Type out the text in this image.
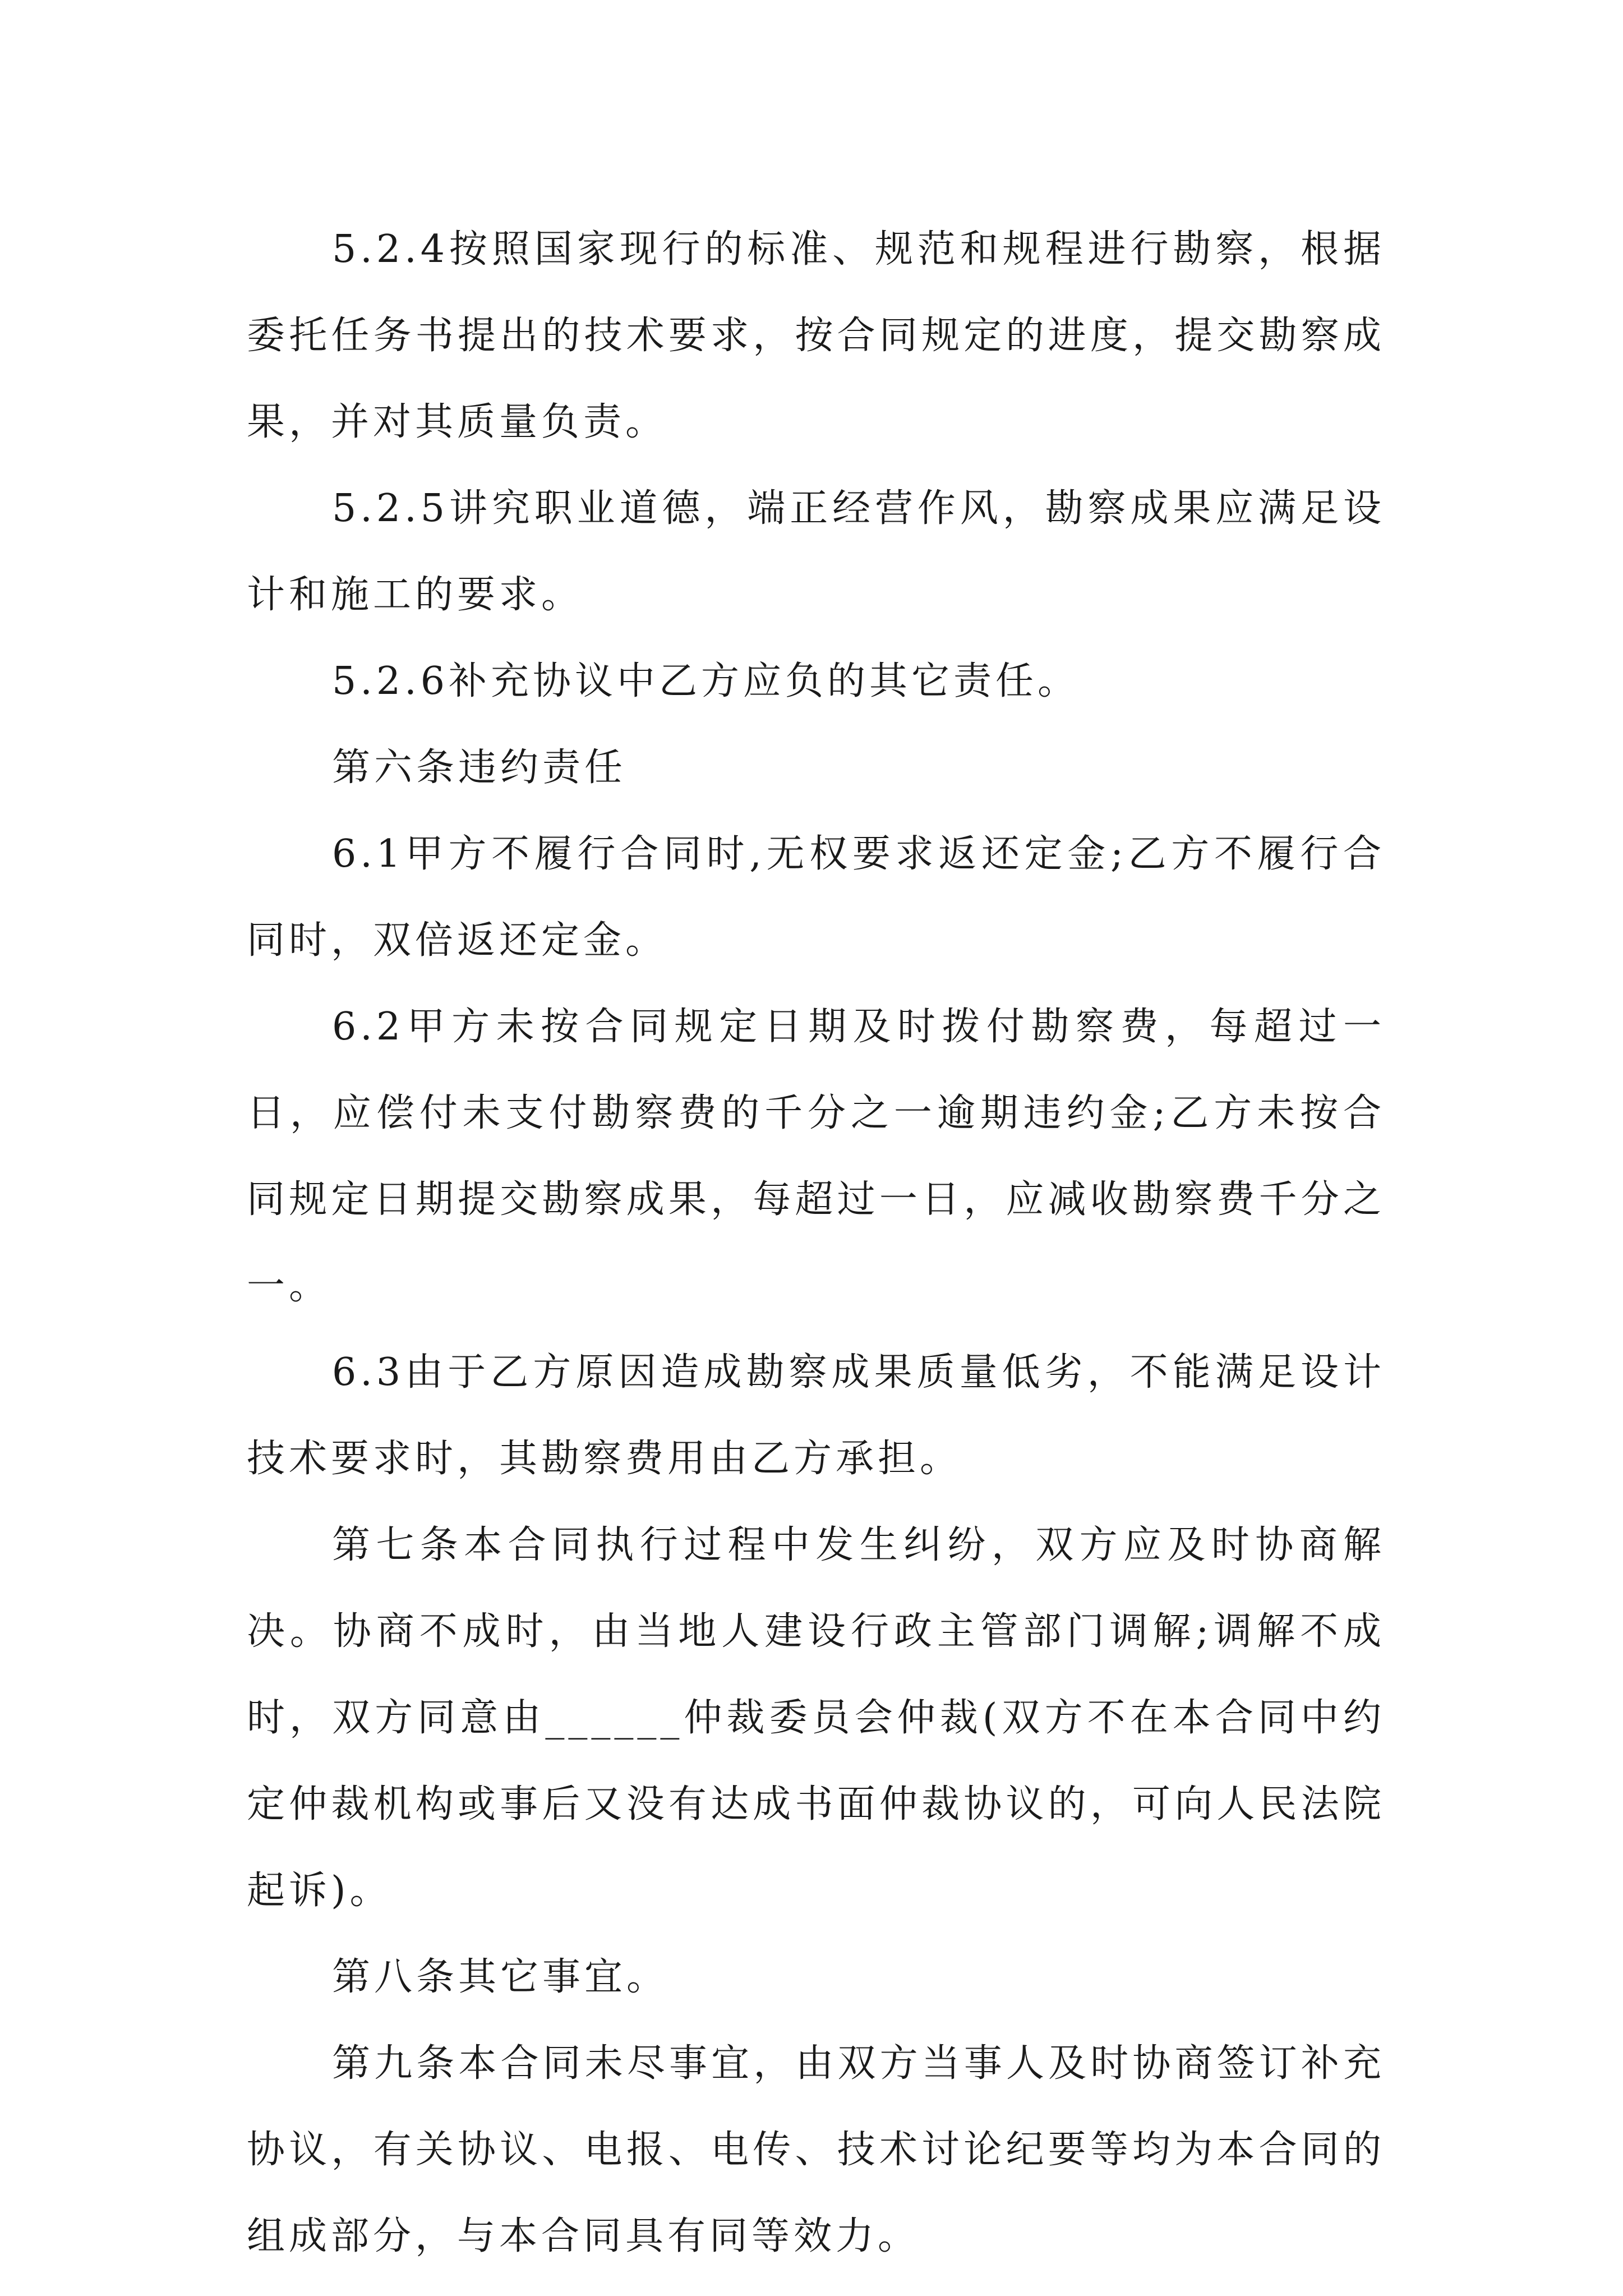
5.2.4按照国家现行的标准、规范和规程进行勘察，根据委托任务书提出的技术要求，按合同规定的进度，提交勘察成果，并对其质量负责。

5.2.5讲究职业道德，端正经营作风，勘察成果应满足设计和施工的要求。

5.2.6补充协议中乙方应负的其它责任。

第六条违约责任

6.1甲方不履行合同时,无权要求返还定金;乙方不履行合同时，双倍返还定金。

6.2甲方未按合同规定日期及时拨付勘察费，每超过一日，应偿付未支付勘察费的千分之一逾期违约金;乙方未按合同规定日期提交勘察成果，每超过一日，应减收勘察费千分之一。

6.3由于乙方原因造成勘察成果质量低劣，不能满足设计技术要求时，其勘察费用由乙方承担。

第七条本合同执行过程中发生纠纷，双方应及时协商解决。协商不成时，由当地人建设行政主管部门调解;调解不成时，双方同意由______仲裁委员会仲裁(双方不在本合同中约定仲裁机构或事后又没有达成书面仲裁协议的，可向人民法院起诉)。

第八条其它事宜。

第九条本合同未尽事宜，由双方当事人及时协商签订补充协议，有关协议、电报、电传、技术讨论纪要等均为本合同的组成部分，与本合同具有同等效力。
